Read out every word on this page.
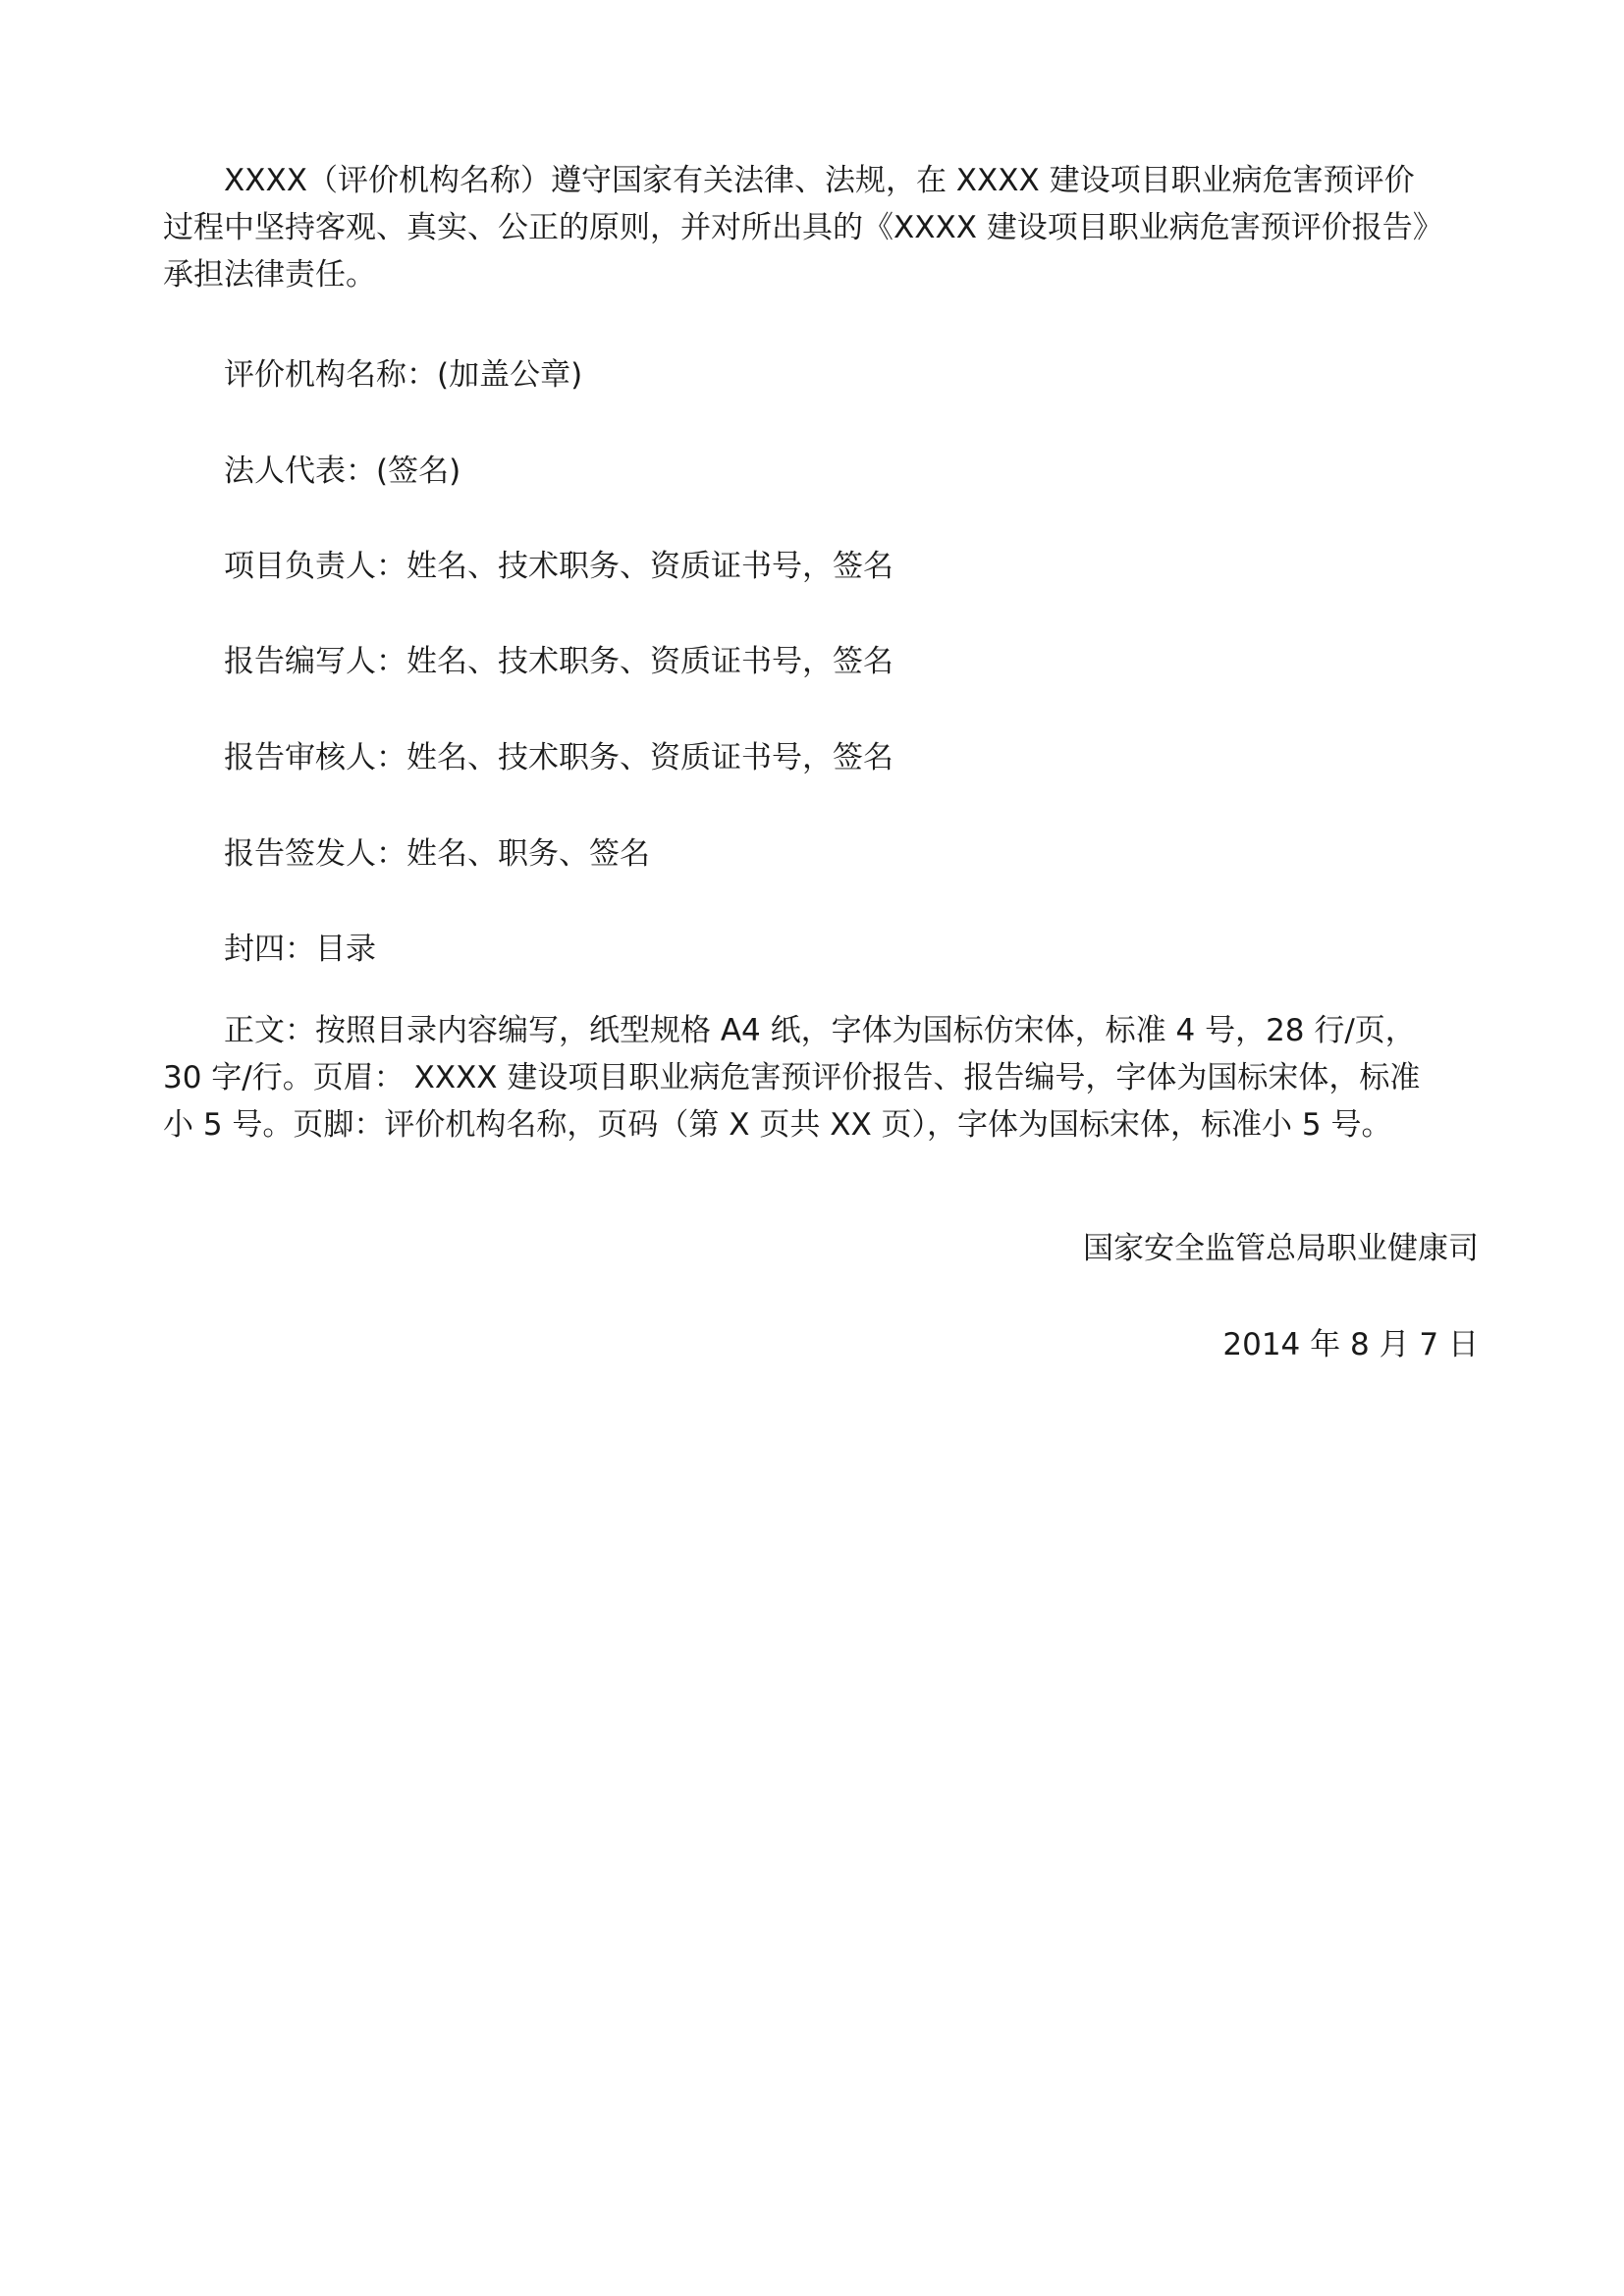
XXXX（评价机构名称）遵守国家有关法律、法规，在 XXXX 建设项目职业病危害预评价
过程中坚持客观、真实、公正的原则，并对所出具的《XXXX 建设项目职业病危害预评价报告》
承担法律责任。

评价机构名称：(加盖公章)

法人代表：(签名)

项目负责人：姓名、技术职务、资质证书号，签名

报告编写人：姓名、技术职务、资质证书号，签名

报告审核人：姓名、技术职务、资质证书号，签名

报告签发人：姓名、职务、签名

封四：目录

正文：按照目录内容编写，纸型规格 A4 纸，字体为国标仿宋体，标准 4 号，28 行/页，
30 字/行。页眉： XXXX 建设项目职业病危害预评价报告、报告编号，字体为国标宋体，标准
小 5 号。页脚：评价机构名称，页码（第 X 页共 XX 页），字体为国标宋体，标准小 5 号。

国家安全监管总局职业健康司

2014 年 8 月 7 日
